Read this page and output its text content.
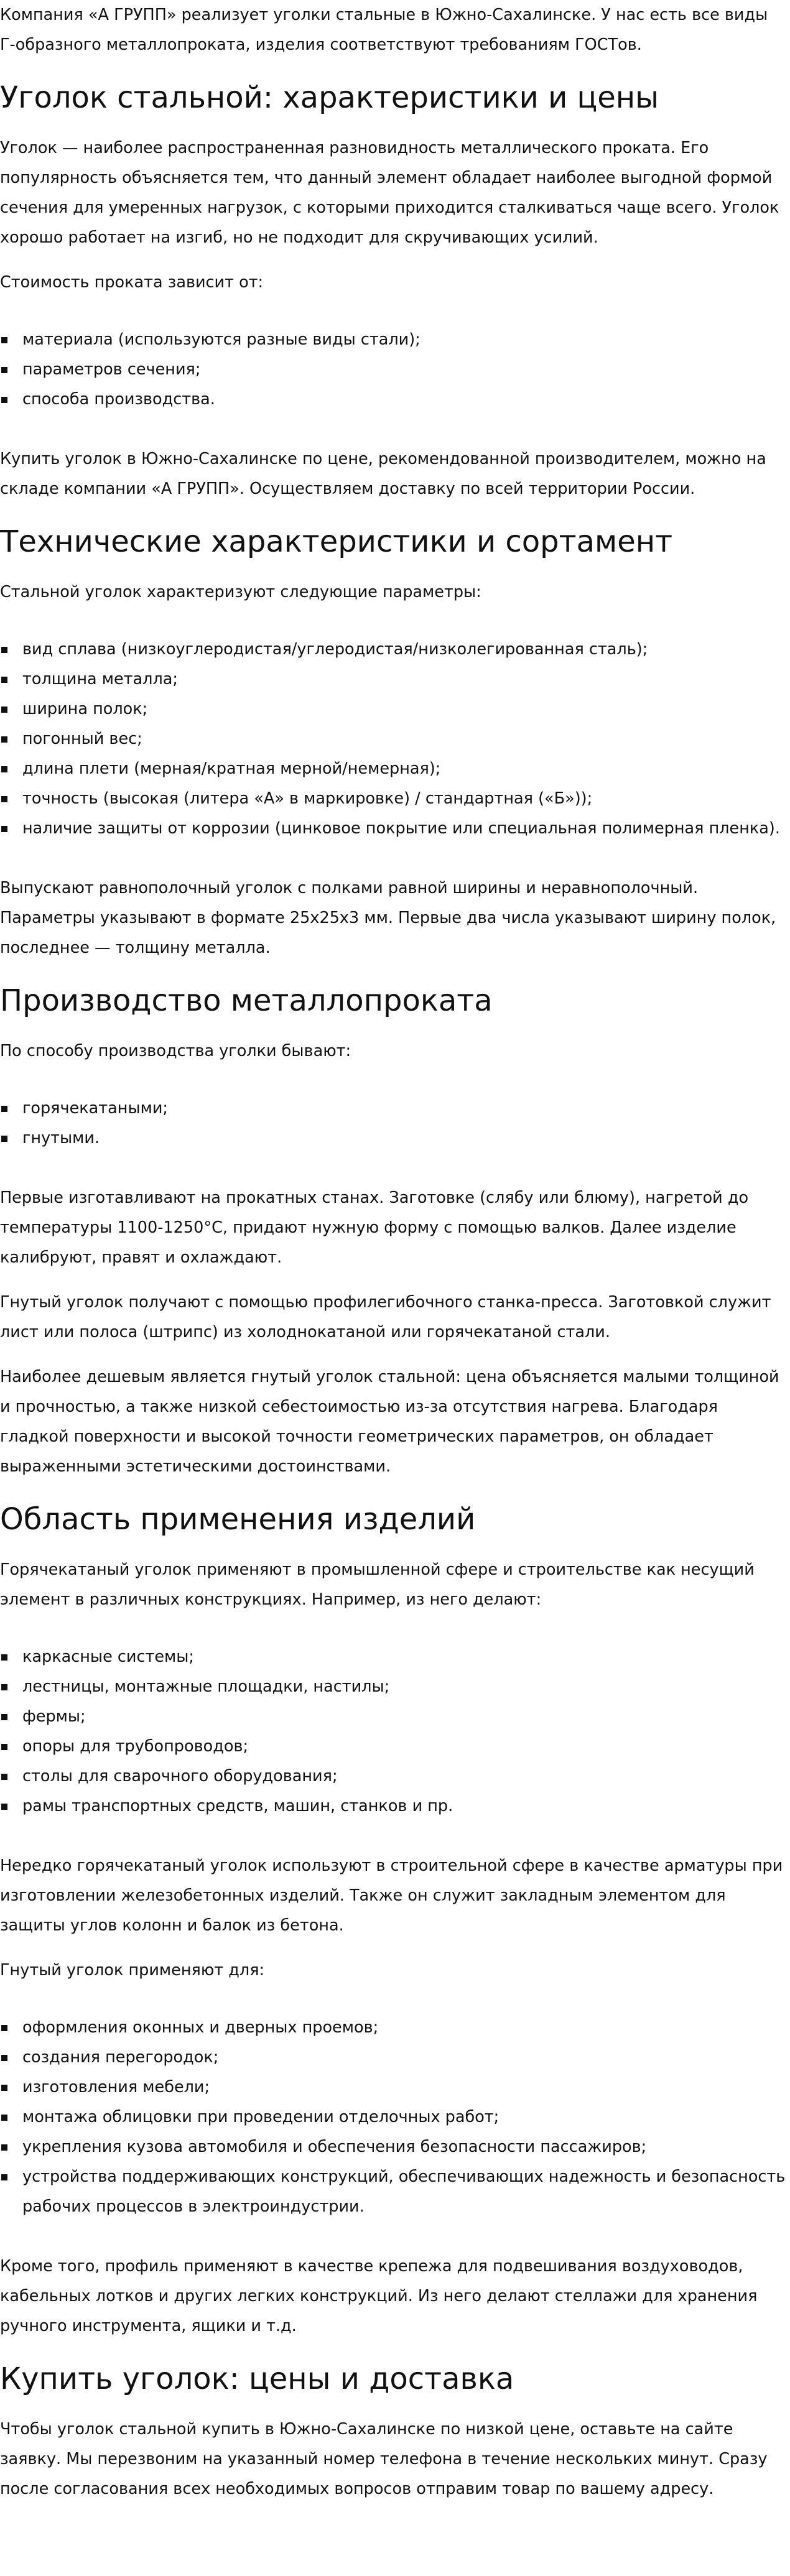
Компания «А ГРУПП» реализует уголки стальные в Южно-Сахалинске. У нас есть все виды Г-образного металлопроката, изделия соответствуют требованиям ГОСТов.

Уголок стальной: характеристики и цены

Уголок — наиболее распространенная разновидность металлического проката. Его популярность объясняется тем, что данный элемент обладает наиболее выгодной формой сечения для умеренных нагрузок, с которыми приходится сталкиваться чаще всего. Уголок хорошо работает на изгиб, но не подходит для скручивающих усилий.

Стоимость проката зависит от:

материала (используются разные виды стали);
параметров сечения;
способа производства.

Купить уголок в Южно-Сахалинске по цене, рекомендованной производителем, можно на складе компании «А ГРУПП». Осуществляем доставку по всей территории России.

Технические характеристики и сортамент

Стальной уголок характеризуют следующие параметры:

вид сплава (низкоуглеродистая/углеродистая/низколегированная сталь);
толщина металла;
ширина полок;
погонный вес;
длина плети (мерная/кратная мерной/немерная);
точность (высокая (литера «А» в маркировке) / стандартная («Б»));
наличие защиты от коррозии (цинковое покрытие или специальная полимерная пленка).

Выпускают равнополочный уголок с полками равной ширины и неравнополочный. Параметры указывают в формате 25х25х3 мм. Первые два числа указывают ширину полок, последнее — толщину металла.

Производство металлопроката

По способу производства уголки бывают:

горячекатаными;
гнутыми.

Первые изготавливают на прокатных станах. Заготовке (слябу или блюму), нагретой до температуры 1100-1250°С, придают нужную форму с помощью валков. Далее изделие калибруют, правят и охлаждают.

Гнутый уголок получают с помощью профилегибочного станка-пресса. Заготовкой служит лист или полоса (штрипс) из холоднокатаной или горячекатаной стали.

Наиболее дешевым является гнутый уголок стальной: цена объясняется малыми толщиной и прочностью, а также низкой себестоимостью из-за отсутствия нагрева. Благодаря гладкой поверхности и высокой точности геометрических параметров, он обладает выраженными эстетическими достоинствами.

Область применения изделий

Горячекатаный уголок применяют в промышленной сфере и строительстве как несущий элемент в различных конструкциях. Например, из него делают:

каркасные системы;
лестницы, монтажные площадки, настилы;
фермы;
опоры для трубопроводов;
столы для сварочного оборудования;
рамы транспортных средств, машин, станков и пр.

Нередко горячекатаный уголок используют в строительной сфере в качестве арматуры при изготовлении железобетонных изделий. Также он служит закладным элементом для защиты углов колонн и балок из бетона.

Гнутый уголок применяют для:

оформления оконных и дверных проемов;
создания перегородок;
изготовления мебели;
монтажа облицовки при проведении отделочных работ;
укрепления кузова автомобиля и обеспечения безопасности пассажиров;
устройства поддерживающих конструкций, обеспечивающих надежность и безопасность рабочих процессов в электроиндустрии.

Кроме того, профиль применяют в качестве крепежа для подвешивания воздуховодов, кабельных лотков и других легких конструкций. Из него делают стеллажи для хранения ручного инструмента, ящики и т.д.

Купить уголок: цены и доставка

Чтобы уголок стальной купить в Южно-Сахалинске по низкой цене, оставьте на сайте заявку. Мы перезвоним на указанный номер телефона в течение нескольких минут. Сразу после согласования всех необходимых вопросов отправим товар по вашему адресу.
